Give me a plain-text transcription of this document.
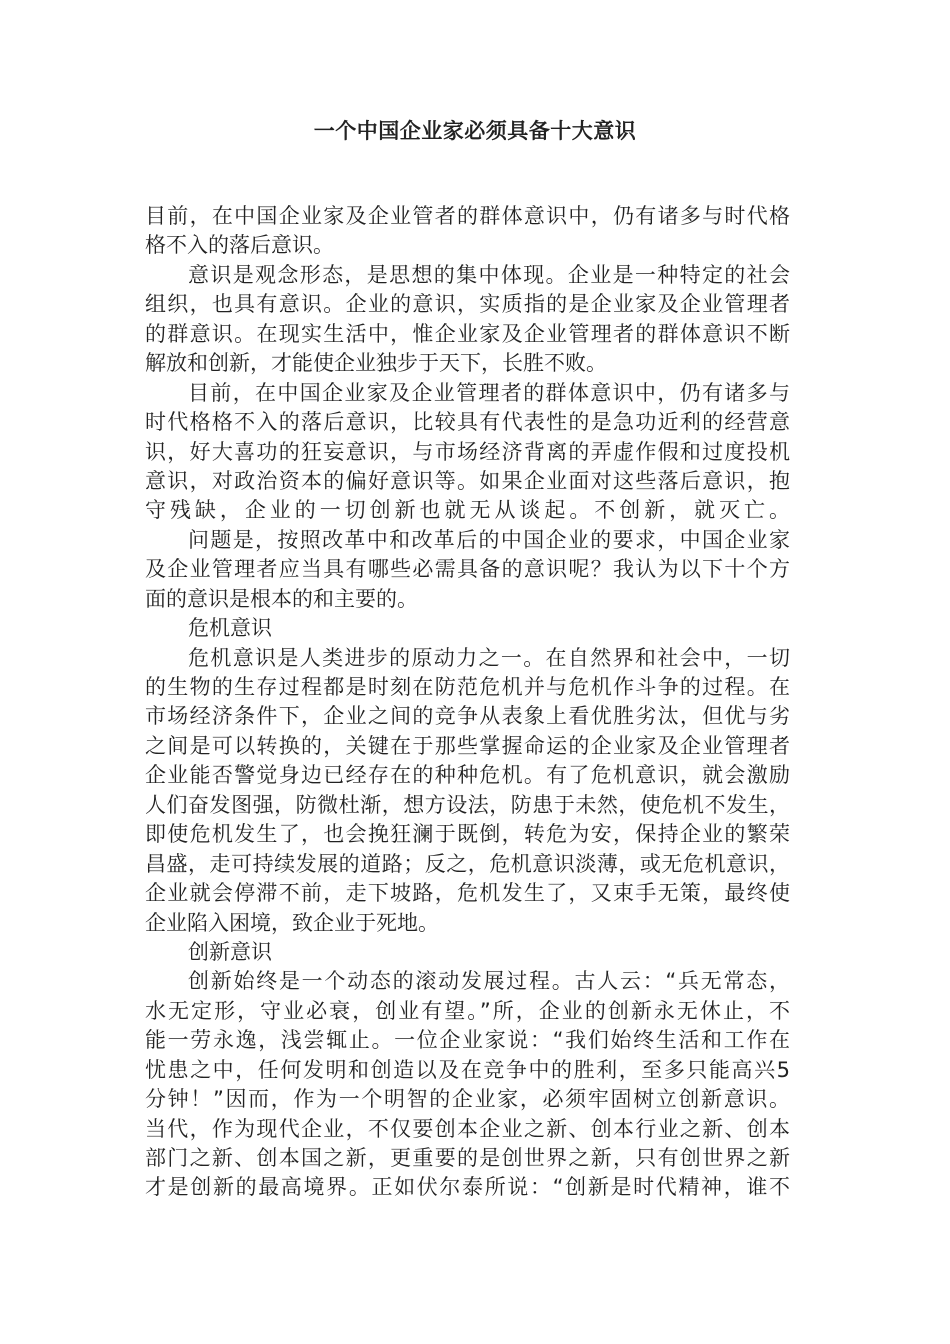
一个中国企业家必须具备十大意识
目前，在中国企业家及企业管者的群体意识中，仍有诸多与时代格
格不入的落后意识。
意识是观念形态，是思想的集中体现。企业是一种特定的社会
组织，也具有意识。企业的意识，实质指的是企业家及企业管理者
的群意识。在现实生活中，惟企业家及企业管理者的群体意识不断
解放和创新，才能使企业独步于天下，长胜不败。
目前，在中国企业家及企业管理者的群体意识中，仍有诸多与
时代格格不入的落后意识，比较具有代表性的是急功近利的经营意
识，好大喜功的狂妄意识，与市场经济背离的弄虚作假和过度投机
意识，对政治资本的偏好意识等。如果企业面对这些落后意识，抱
守残缺，企业的一切创新也就无从谈起。不创新，就灭亡。
问题是，按照改革中和改革后的中国企业的要求，中国企业家
及企业管理者应当具有哪些必需具备的意识呢？我认为以下十个方
面的意识是根本的和主要的。
危机意识
危机意识是人类进步的原动力之一。在自然界和社会中，一切
的生物的生存过程都是时刻在防范危机并与危机作斗争的过程。在
市场经济条件下，企业之间的竞争从表象上看优胜劣汰，但优与劣
之间是可以转换的，关键在于那些掌握命运的企业家及企业管理者
企业能否警觉身边已经存在的种种危机。有了危机意识，就会激励
人们奋发图强，防微杜渐，想方设法，防患于未然，使危机不发生，
即使危机发生了，也会挽狂澜于既倒，转危为安，保持企业的繁荣
昌盛，走可持续发展的道路；反之，危机意识淡薄，或无危机意识，
企业就会停滞不前，走下坡路，危机发生了，又束手无策，最终使
企业陷入困境，致企业于死地。
创新意识
创新始终是一个动态的滚动发展过程。古人云：“兵无常态，
水无定形，守业必衰，创业有望。”所，企业的创新永无休止，不
能一劳永逸，浅尝辄止。一位企业家说：“我们始终生活和工作在
忧患之中，任何发明和创造以及在竞争中的胜利，至多只能高兴5
分钟！”因而，作为一个明智的企业家，必须牢固树立创新意识。
当代，作为现代企业，不仅要创本企业之新、创本行业之新、创本
部门之新、创本国之新，更重要的是创世界之新，只有创世界之新
才是创新的最高境界。正如伏尔泰所说：“创新是时代精神，谁不
